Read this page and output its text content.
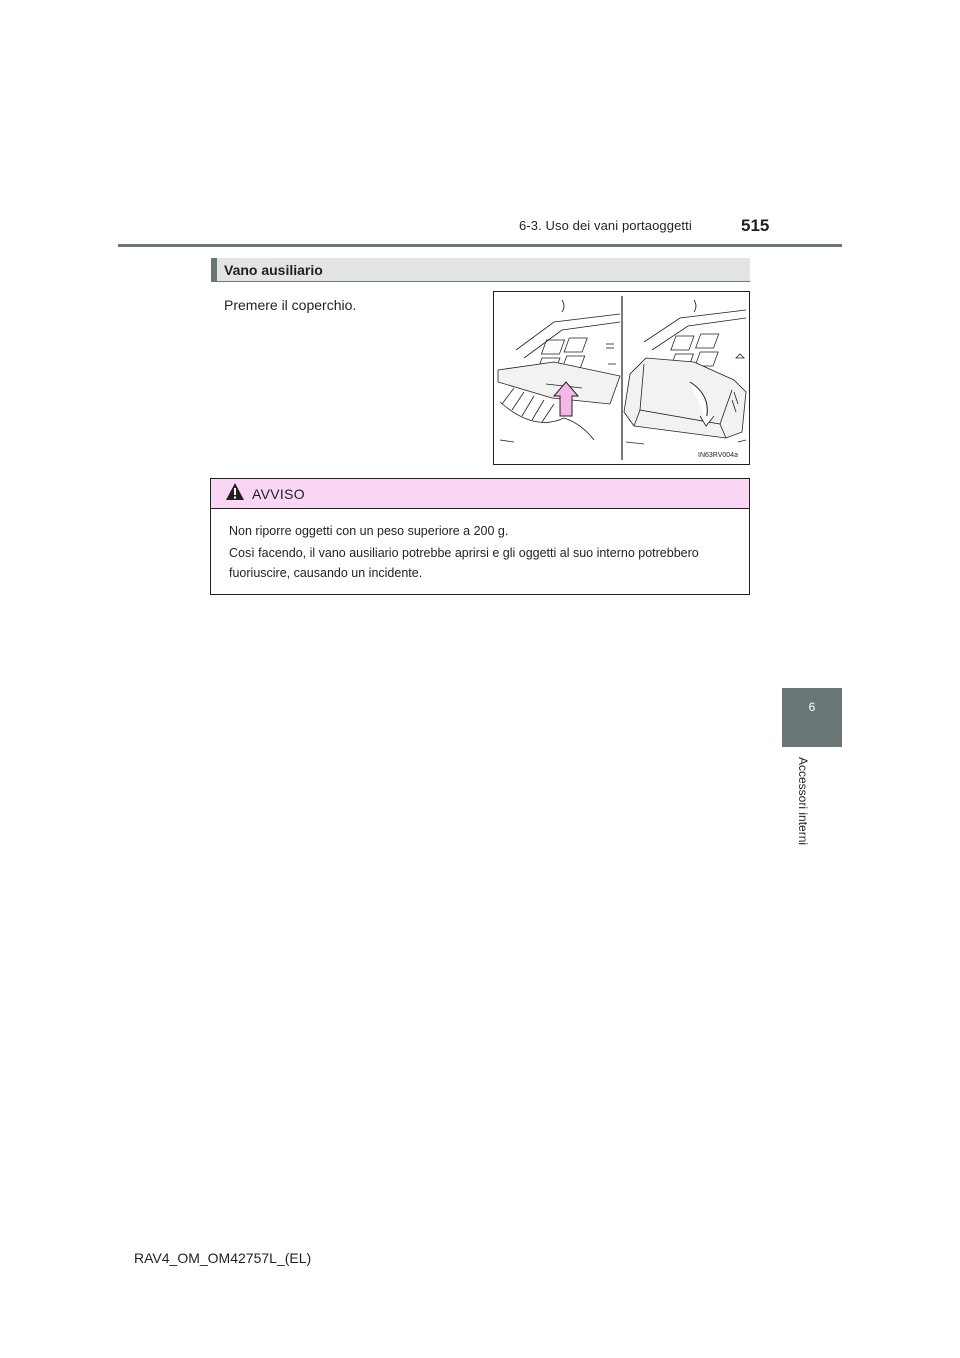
6-3. Uso dei vani portaoggetti	515
6
Accessori interni
Vano ausiliario
Premere il coperchio.
IN63RV004a
AVVISO
Non riporre oggetti con un peso superiore a 200 g.
Così facendo, il vano ausiliario potrebbe aprirsi e gli oggetti al suo interno potrebbero fuoriuscire, causando un incidente.
RAV4_OM_OM42757L_(EL)
